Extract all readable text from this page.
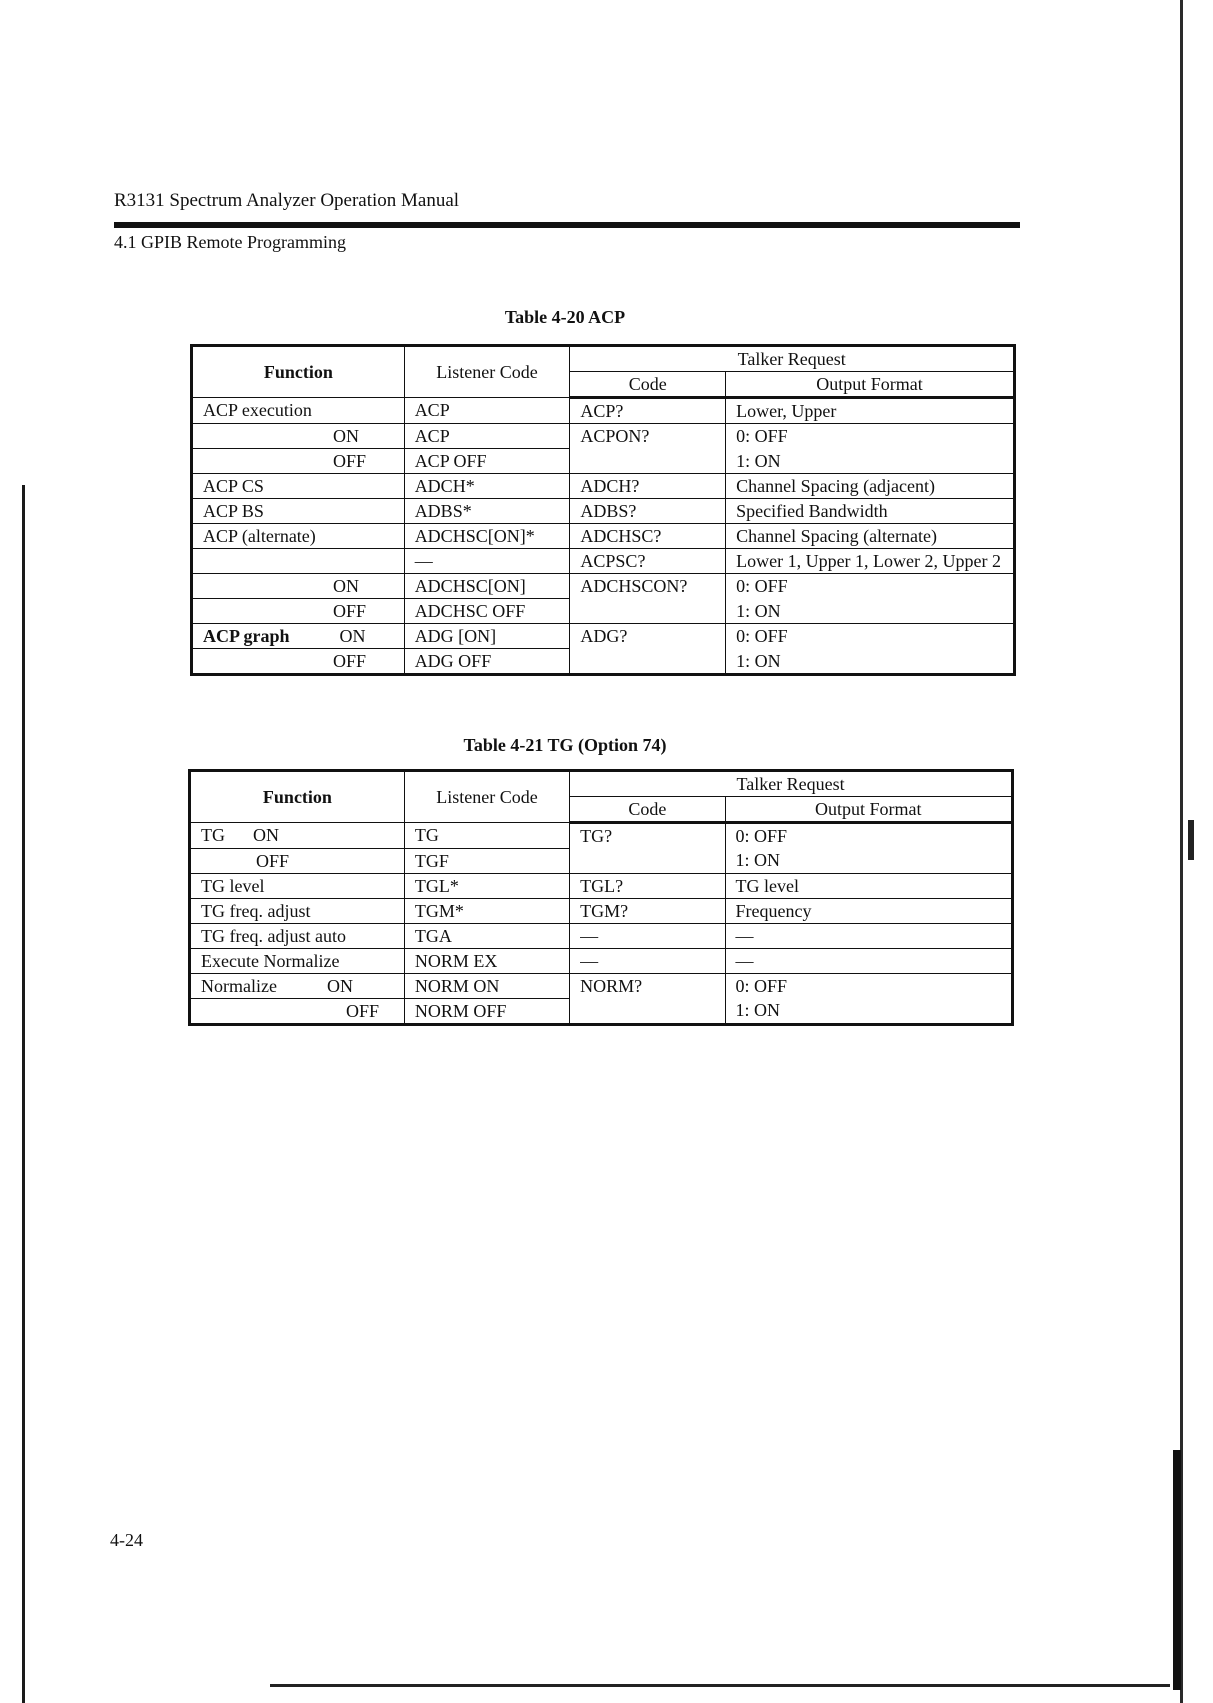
R3131 Spectrum Analyzer Operation Manual
4.1 GPIB Remote Programming
Table 4-20 ACP
Function	Listener Code	Talker Request	
		Code	Output Format
ACP execution	ACP	ACP?	Lower, Upper

ON	ACP	ACPON?	0: OFF

OFF	ACP OFF		1: ON
ACP CS	ADCH*	ADCH?	Channel Spacing (adjacent)
ACP BS	ADBS*	ADBS?	Specified Bandwidth
ACP (alternate)	ADCHSC[ON]*	ADCHSC?	Channel Spacing (alternate)
	—	ACPSC?	Lower 1, Upper 1, Lower 2, Upper 2

ON	ADCHSC[ON]	ADCHSCON?	0: OFF

OFF	ADCHSC OFF		1: ON
ACP graph ON	ADG [ON]	ADG?	0: OFF

OFF	ADG OFF		1: ON
Table 4-21 TG (Option 74)
Function	Listener Code	Talker Request	
		Code	Output Format
TG ON	TG	TG?	0: OFF

OFF	TGF		1: ON
TG level	TGL*	TGL?	TG level
TG freq. adjust	TGM*	TGM?	Frequency
TG freq. adjust auto	TGA	—	—
Execute Normalize	NORM EX	—	—
Normalize ON	NORM ON	NORM?	0: OFF

OFF	NORM OFF		1: ON
4-24
